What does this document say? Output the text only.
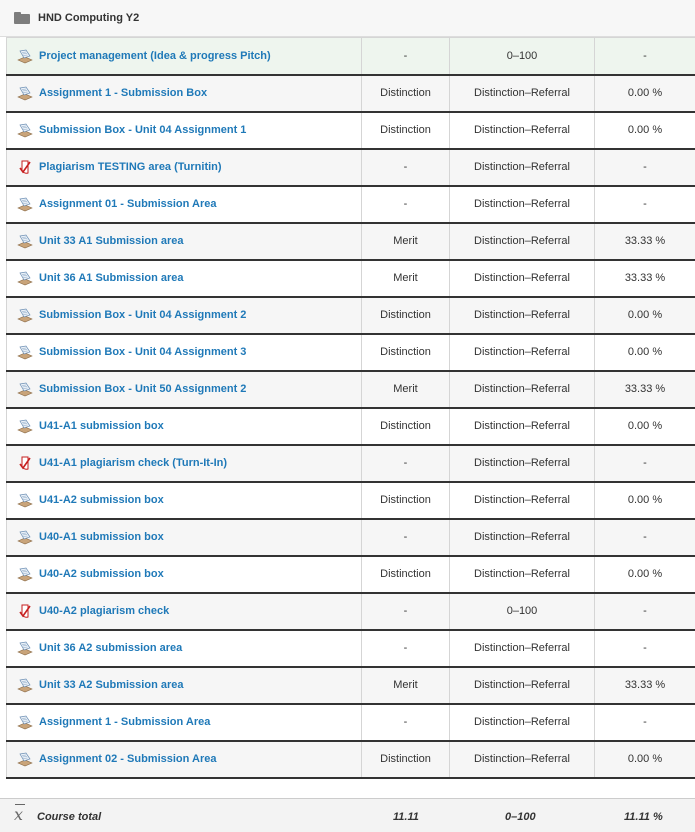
HND Computing Y2
Project management (Idea & progress Pitch)	-	0–100	-

Assignment 1 - Submission Box	Distinction	Distinction–Referral	0.00 %

Submission Box - Unit 04 Assignment 1	Distinction	Distinction–Referral	0.00 %

Plagiarism TESTING area (Turnitin)	-	Distinction–Referral	-

Assignment 01 - Submission Area	-	Distinction–Referral	-

Unit 33 A1 Submission area	Merit	Distinction–Referral	33.33 %

Unit 36 A1 Submission area	Merit	Distinction–Referral	33.33 %

Submission Box - Unit 04 Assignment 2	Distinction	Distinction–Referral	0.00 %

Submission Box - Unit 04 Assignment 3	Distinction	Distinction–Referral	0.00 %

Submission Box - Unit 50 Assignment 2	Merit	Distinction–Referral	33.33 %

U41-A1 submission box	Distinction	Distinction–Referral	0.00 %

U41-A1 plagiarism check (Turn-It-In)	-	Distinction–Referral	-

U41-A2 submission box	Distinction	Distinction–Referral	0.00 %

U40-A1 submission box	-	Distinction–Referral	-

U40-A2 submission box	Distinction	Distinction–Referral	0.00 %

U40-A2 plagiarism check	-	0–100	-

Unit 36 A2 submission area	-	Distinction–Referral	-

Unit 33 A2 Submission area	Merit	Distinction–Referral	33.33 %

Assignment 1 - Submission Area	-	Distinction–Referral	-

Assignment 02 - Submission Area	Distinction	Distinction–Referral	0.00 %
x Course total	11.11	0–100	11.11 %
